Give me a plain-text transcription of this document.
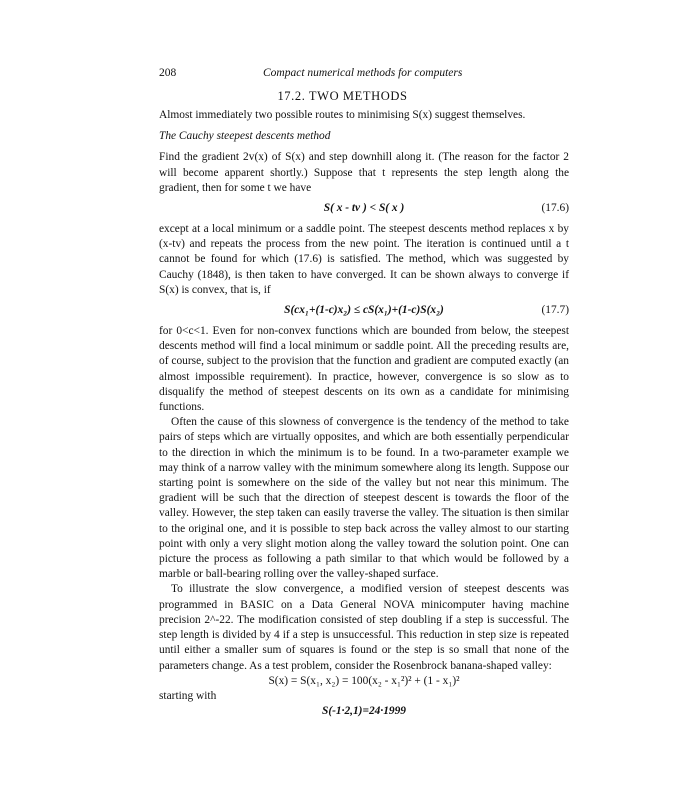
208	Compact numerical methods for computers
17.2. TWO METHODS

Almost immediately two possible routes to minimising S(x) suggest themselves.

The Cauchy steepest descents method

Find the gradient 2v(x) of S(x) and step downhill along it. (The reason for the factor 2 will become apparent shortly.) Suppose that t represents the step length along the gradient, then for some t we have

S( x - tv ) < S( x )	(17.6)

except at a local minimum or a saddle point. The steepest descents method replaces x by (x-tv) and repeats the process from the new point. The iteration is continued until a t cannot be found for which (17.6) is satisfied. The method, which was suggested by Cauchy (1848), is then taken to have converged. It can be shown always to converge if S(x) is convex, that is, if

S(cx₁+(1-c)x₂) ≤ cS(x₁)+(1-c)S(x₂)	(17.7)

for 0<c<1. Even for non-convex functions which are bounded from below, the steepest descents method will find a local minimum or saddle point. All the preceding results are, of course, subject to the provision that the function and gradient are computed exactly (an almost impossible requirement). In practice, however, convergence is so slow as to disqualify the method of steepest descents on its own as a candidate for minimising functions.

Often the cause of this slowness of convergence is the tendency of the method to take pairs of steps which are virtually opposites, and which are both essentially perpendicular to the direction in which the minimum is to be found. In a two-parameter example we may think of a narrow valley with the minimum somewhere along its length. Suppose our starting point is somewhere on the side of the valley but not near this minimum. The gradient will be such that the direction of steepest descent is towards the floor of the valley. However, the step taken can easily traverse the valley. The situation is then similar to the original one, and it is possible to step back across the valley almost to our starting point with only a very slight motion along the valley toward the solution point. One can picture the process as following a path similar to that which would be followed by a marble or ball-bearing rolling over the valley-shaped surface.

To illustrate the slow convergence, a modified version of steepest descents was programmed in BASIC on a Data General NOVA minicomputer having machine precision 2^-22. The modification consisted of step doubling if a step is successful. The step length is divided by 4 if a step is unsuccessful. This reduction in step size is repeated until either a smaller sum of squares is found or the step is so small that none of the parameters change. As a test problem, consider the Rosenbrock banana-shaped valley:

S(x) = S(x₁, x₂) = 100(x₂ - x₁²)² + (1 - x₁)²

starting with

S(-1·2,1)=24·1999
